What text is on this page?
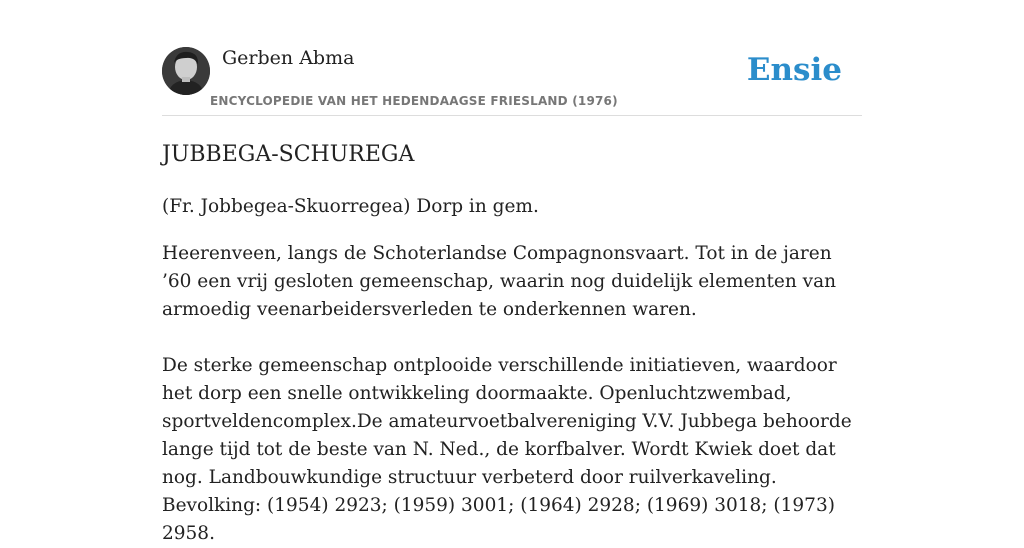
Gerben Abma
ENCYCLOPEDIE VAN HET HEDENDAAGSE FRIESLAND (1976)
Ensie
JUBBEGA-SCHUREGA

(Fr. Jobbegea-Skuorregea) Dorp in gem.

Heerenveen, langs de Schoterlandse Compagnonsvaart. Tot in de jaren ’60 een vrij gesloten gemeenschap, waarin nog duidelijk elementen van armoedig veenarbeidersverleden te onderkennen waren.

De sterke gemeenschap ontplooide verschillende initiatieven, waardoor het dorp een snelle ontwikkeling doormaakte. Openluchtzwembad, sportveldencomplex.De amateurvoetbalvereniging V.V. Jubbega behoorde lange tijd tot de beste van N. Ned., de korfbalver. Wordt Kwiek doet dat nog. Landbouwkundige structuur verbeterd door ruilverkaveling. Bevolking: (1954) 2923; (1959) 3001; (1964) 2928; (1969) 3018; (1973) 2958.
